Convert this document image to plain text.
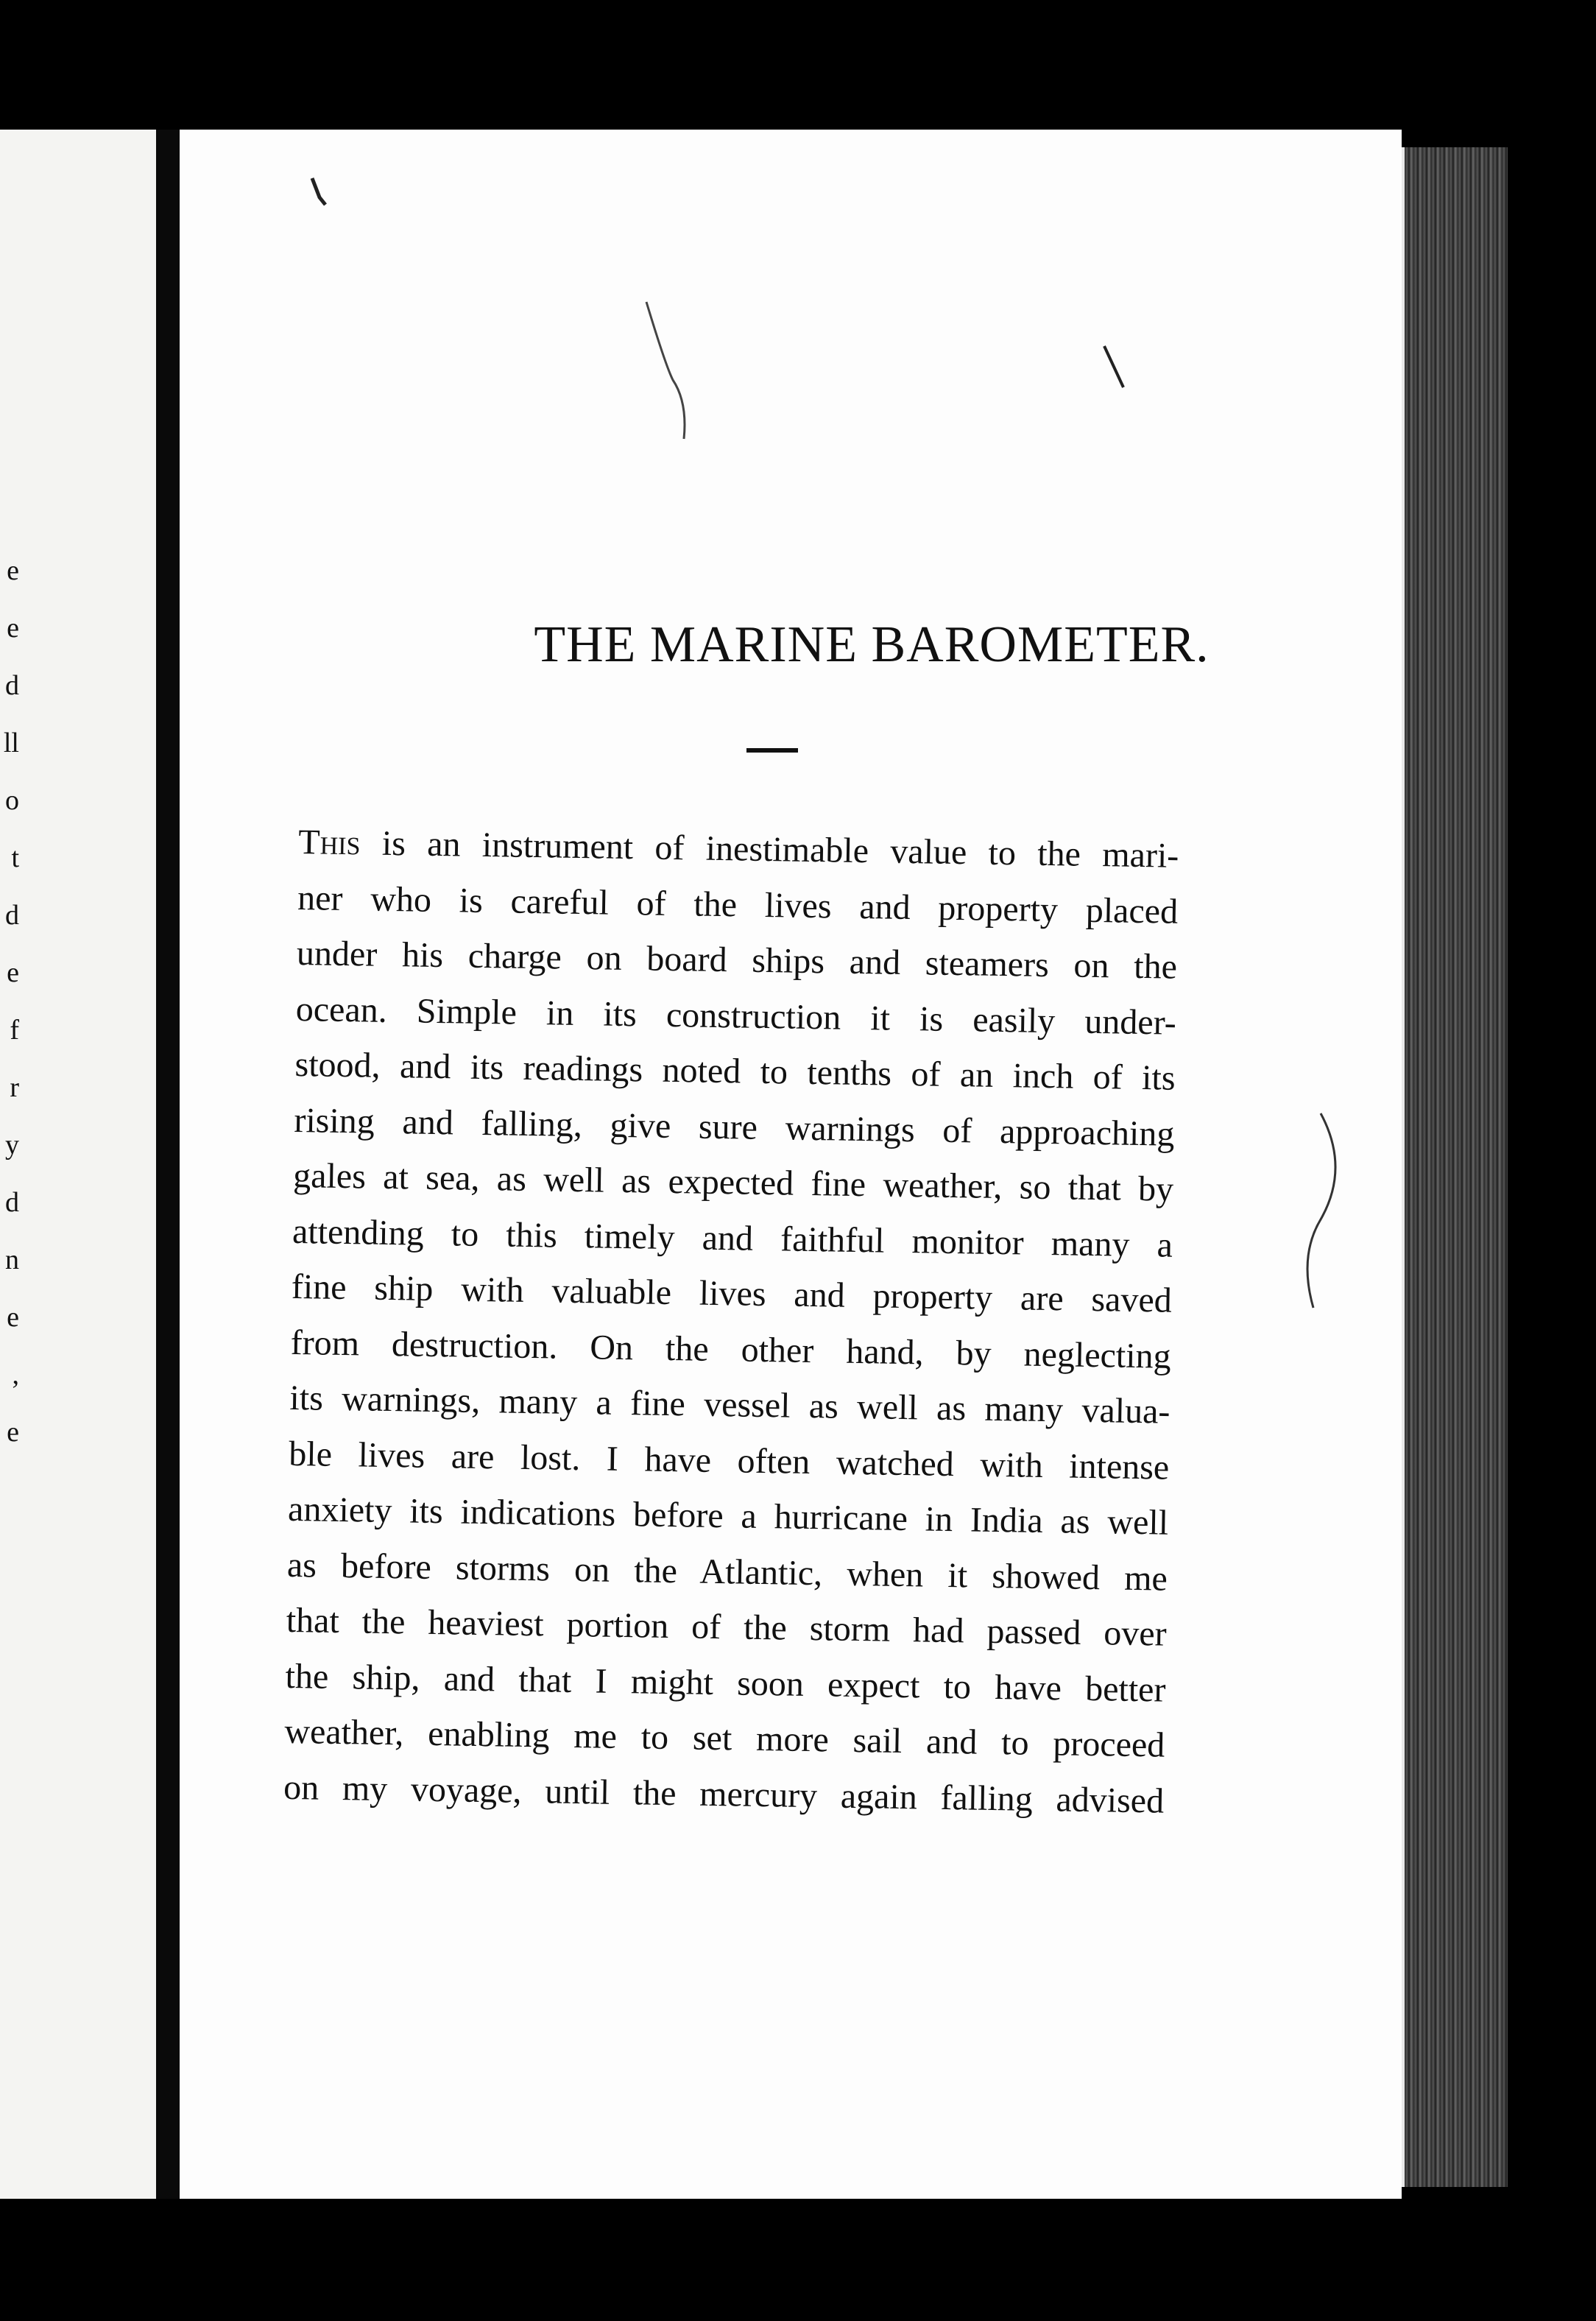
e
e
d
ll
o
t
d
e
f
r
y
d
n
e
,
e
THE MARINE BAROMETER.
This is an instrument of inestimable value to the mari-
ner who is careful of the lives and property placed
under his charge on board ships and steamers on the
ocean. Simple in its construction it is easily under-
stood, and its readings noted to tenths of an inch of its
rising and falling, give sure warnings of approaching
gales at sea, as well as expected fine weather, so that by
attending to this timely and faithful monitor many a
fine ship with valuable lives and property are saved
from destruction. On the other hand, by neglecting
its warnings, many a fine vessel as well as many valua-
ble lives are lost. I have often watched with intense
anxiety its indications before a hurricane in India as well
as before storms on the Atlantic, when it showed me
that the heaviest portion of the storm had passed over
the ship, and that I might soon expect to have better
weather, enabling me to set more sail and to proceed
on my voyage, until the mercury again falling advised
